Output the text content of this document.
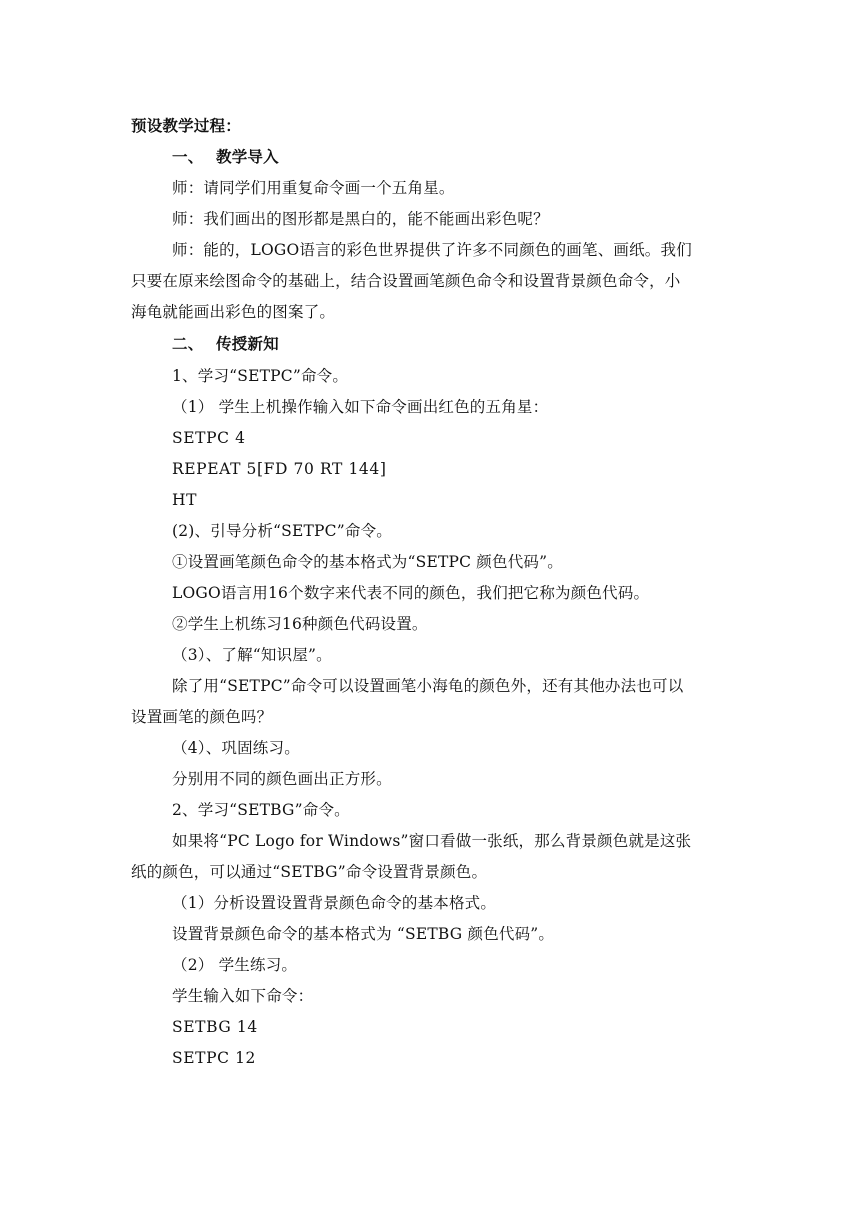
预设教学过程：
一、 教学导入
师：请同学们用重复命令画一个五角星。
师：我们画出的图形都是黑白的，能不能画出彩色呢？
师：能的，LOGO语言的彩色世界提供了许多不同颜色的画笔、画纸。我们
只要在原来绘图命令的基础上，结合设置画笔颜色命令和设置背景颜色命令，小
海龟就能画出彩色的图案了。
二、 传授新知
1、学习“SETPC”命令。
（1） 学生上机操作输入如下命令画出红色的五角星：
SETPC 4
REPEAT 5[FD 70 RT 144]
HT
(2)、引导分析“SETPC”命令。
①设置画笔颜色命令的基本格式为“SETPC 颜色代码”。
LOGO语言用16个数字来代表不同的颜色，我们把它称为颜色代码。
②学生上机练习16种颜色代码设置。
（3）、了解“知识屋”。
除了用“SETPC”命令可以设置画笔小海龟的颜色外，还有其他办法也可以
设置画笔的颜色吗？
（4）、巩固练习。
分别用不同的颜色画出正方形。
2、学习“SETBG”命令。
如果将“PC Logo for Windows”窗口看做一张纸，那么背景颜色就是这张
纸的颜色，可以通过“SETBG”命令设置背景颜色。
（1）分析设置设置背景颜色命令的基本格式。
设置背景颜色命令的基本格式为 “SETBG 颜色代码”。
（2） 学生练习。
学生输入如下命令：
SETBG 14
SETPC 12
